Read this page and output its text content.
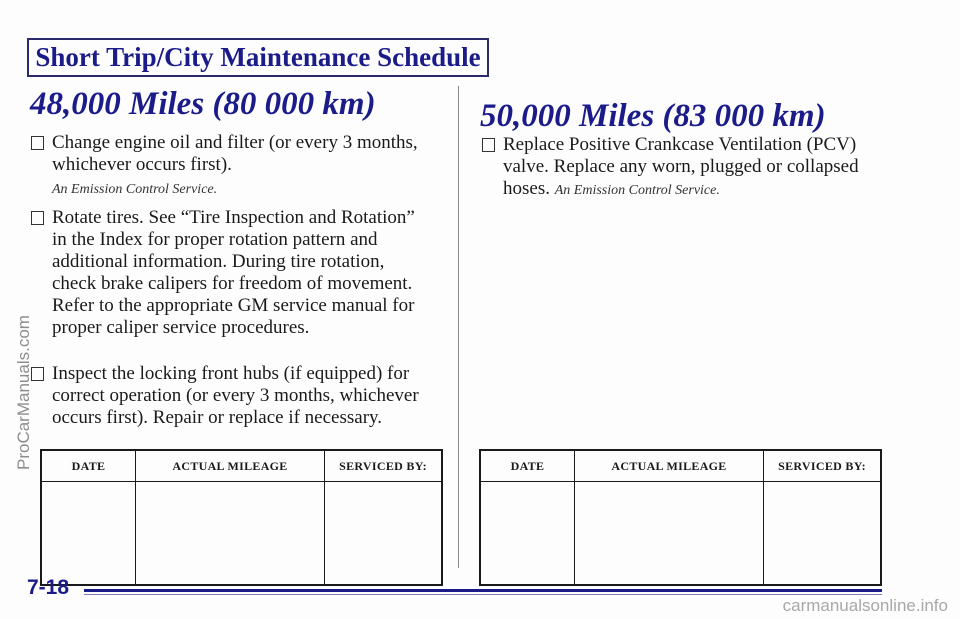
Short Trip/City Maintenance Schedule
48,000 Miles (80 000 km)
Change engine oil and filter (or every 3 months, whichever occurs first).
An Emission Control Service.
Rotate tires. See “Tire Inspection and Rotation” in the Index for proper rotation pattern and additional information. During tire rotation, check brake calipers for freedom of movement. Refer to the appropriate GM service manual for proper caliper service procedures.
Inspect the locking front hubs (if equipped) for correct operation (or every 3 months, whichever occurs first). Repair or replace if necessary.
DATE	ACTUAL MILEAGE	SERVICED BY:

50,000 Miles (83 000 km)
Replace Positive Crankcase Ventilation (PCV) valve. Replace any worn, plugged or collapsed hoses. An Emission Control Service.
DATE	ACTUAL MILEAGE	SERVICED BY:

7-18
ProCarManuals.com
carmanualsonline.info
